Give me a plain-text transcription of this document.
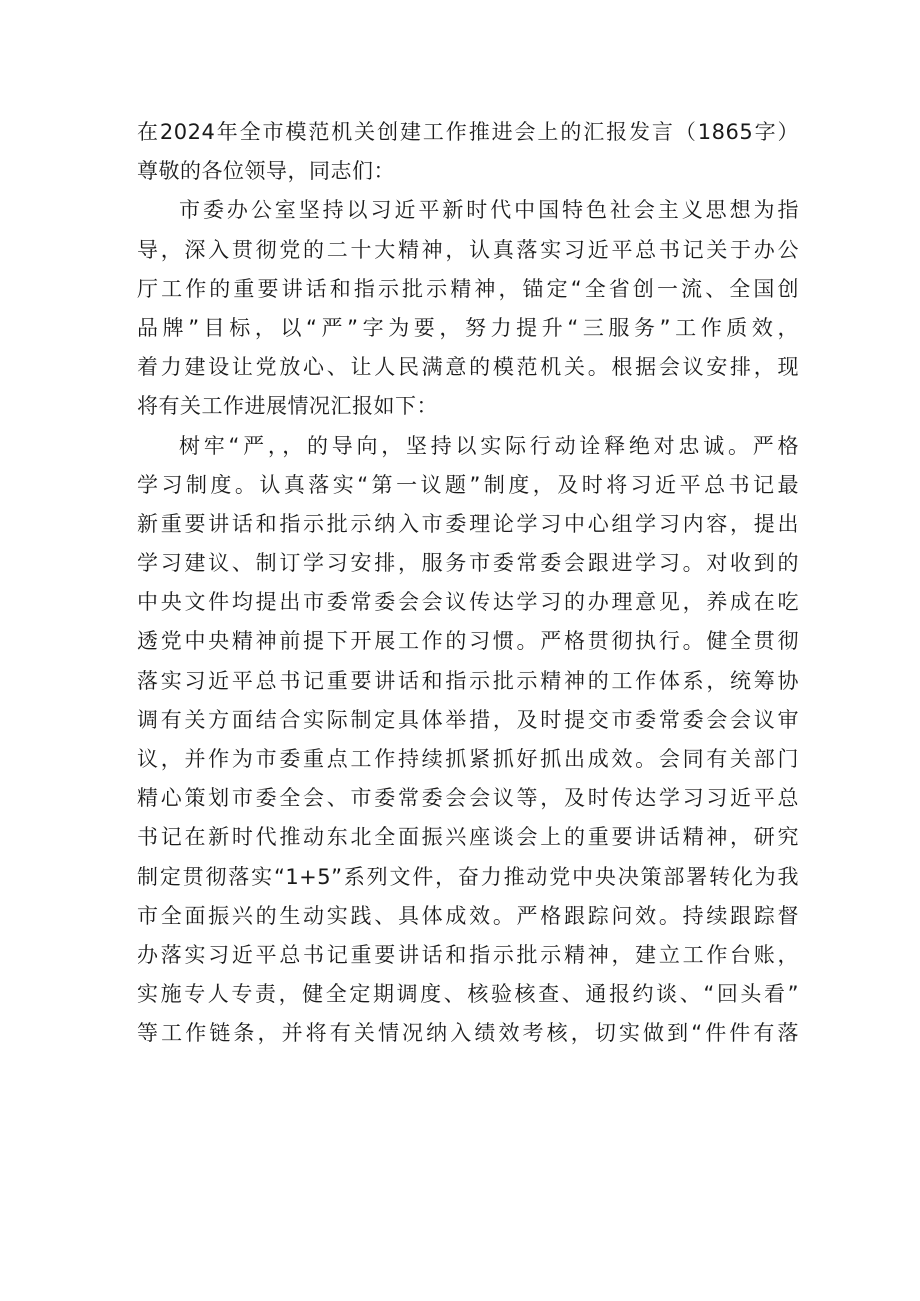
在2024年全市模范机关创建工作推进会上的汇报发言（1865字）
尊敬的各位领导，同志们：
市委办公室坚持以习近平新时代中国特色社会主义思想为指
导，深入贯彻党的二十大精神，认真落实习近平总书记关于办公
厅工作的重要讲话和指示批示精神，锚定“全省创一流、全国创
品牌”目标，以“严”字为要，努力提升“三服务”工作质效，
着力建设让党放心、让人民满意的模范机关。根据会议安排，现
将有关工作进展情况汇报如下：
树牢“严，，的导向，坚持以实际行动诠释绝对忠诚。严格
学习制度。认真落实“第一议题”制度，及时将习近平总书记最
新重要讲话和指示批示纳入市委理论学习中心组学习内容，提出
学习建议、制订学习安排，服务市委常委会跟进学习。对收到的
中央文件均提出市委常委会会议传达学习的办理意见，养成在吃
透党中央精神前提下开展工作的习惯。严格贯彻执行。健全贯彻
落实习近平总书记重要讲话和指示批示精神的工作体系，统筹协
调有关方面结合实际制定具体举措，及时提交市委常委会会议审
议，并作为市委重点工作持续抓紧抓好抓出成效。会同有关部门
精心策划市委全会、市委常委会会议等，及时传达学习习近平总
书记在新时代推动东北全面振兴座谈会上的重要讲话精神，研究
制定贯彻落实“1+5”系列文件，奋力推动党中央决策部署转化为我
市全面振兴的生动实践、具体成效。严格跟踪问效。持续跟踪督
办落实习近平总书记重要讲话和指示批示精神，建立工作台账，
实施专人专责，健全定期调度、核验核查、通报约谈、“回头看”
等工作链条，并将有关情况纳入绩效考核，切实做到“件件有落
